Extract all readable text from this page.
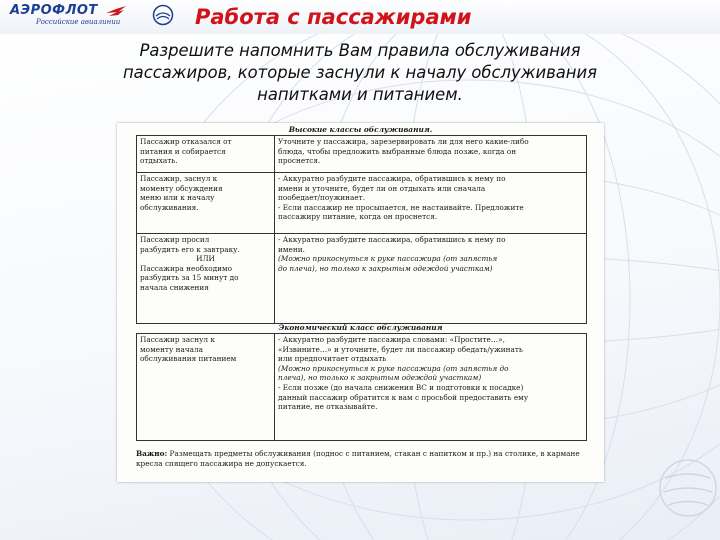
АЭРОФЛОТ
Российские авиалинии	Работа с пассажирами
Разрешите напомнить Вам правила обслуживания
пассажиров, которые заснули к началу обслуживания
напитками и питанием.
Высокие классы обслуживания.
Пассажир отказался от
питания и собирается
отдыхать.
Уточните у пассажира, зарезервировать ли для него какие-либо
блюда, чтобы предложить выбранные блюда позже, когда он
проснется.
Пассажир, заснул к
моменту обсуждения
меню или к началу
обслуживания.
- Аккуратно разбудите пассажира, обратившись к нему по
имени и уточните, будет ли он отдыхать или сначала
пообедает/поужинает.
- Если пассажир не просыпается, не настаивайте. Предложите
пассажиру питание, когда он проснется.
Пассажир просил
разбудить его к завтраку.
ИЛИ
Пассажира необходимо
разбудить за 15 минут до
начала снижения
- Аккуратно разбудите пассажира, обратившись к нему по
имени.
(Можно прикоснуться к руке пассажира (от запястья
до плеча), но только к закрытым одеждой участкам)
Экономический класс обслуживания
Пассажир заснул к
моменту начала
обслуживания питанием
- Аккуратно разбудите пассажира словами: «Простите…»,
«Извините…» и уточните, будет ли пассажир обедать/ужинать
или предпочитает отдыхать
(Можно прикоснуться к руке пассажира (от запястья до
плеча), но только к закрытым одеждой участкам)
- Если позже (до начала снижения ВС и подготовки к посадке)
данный пассажир обратится к вам с просьбой предоставить ему
питание, не отказывайте.
Важно: Размещать предметы обслуживания (поднос с питанием, стакан с напитком и пр.) на столике, в кармане кресла спящего пассажира не допускается.
